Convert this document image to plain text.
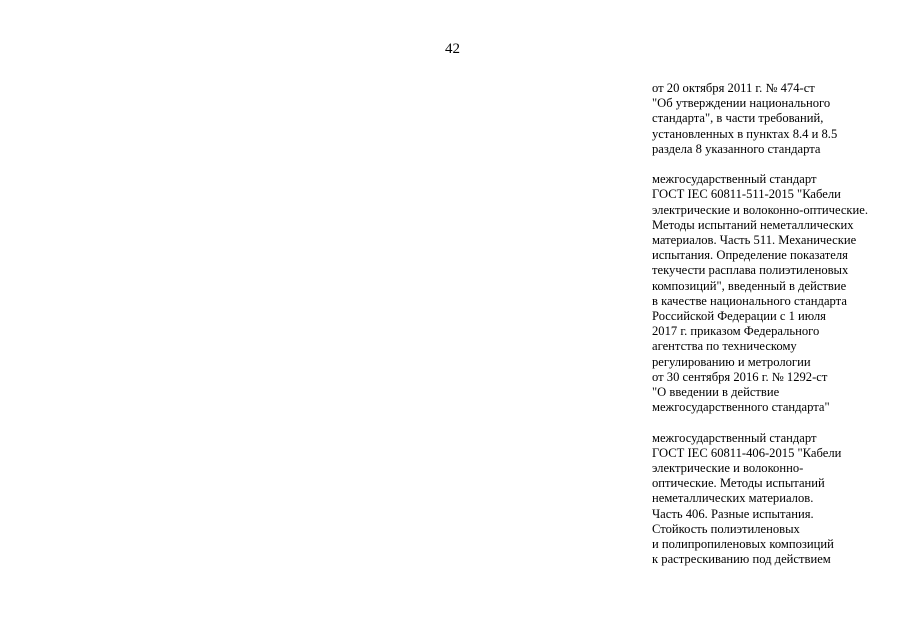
42

от 20 октября 2011 г. № 474-ст
"Об утверждении национального
стандарта", в части требований,
установленных в пунктах 8.4 и 8.5
раздела 8 указанного стандарта

межгосударственный стандарт
ГОСТ IEC 60811-511-2015 "Кабели
электрические и волоконно-оптические.
Методы испытаний неметаллических
материалов. Часть 511. Механические
испытания. Определение показателя
текучести расплава полиэтиленовых
композиций", введенный в действие
в качестве национального стандарта
Российской Федерации с 1 июля
2017 г. приказом Федерального
агентства по техническому
регулированию и метрологии
от 30 сентября 2016 г. № 1292-ст
"О введении в действие
межгосударственного стандарта"

межгосударственный стандарт
ГОСТ IEC 60811-406-2015 "Кабели
электрические и волоконно-
оптические. Методы испытаний
неметаллических материалов.
Часть 406. Разные испытания.
Стойкость полиэтиленовых
и полипропиленовых композиций
к растрескиванию под действием
